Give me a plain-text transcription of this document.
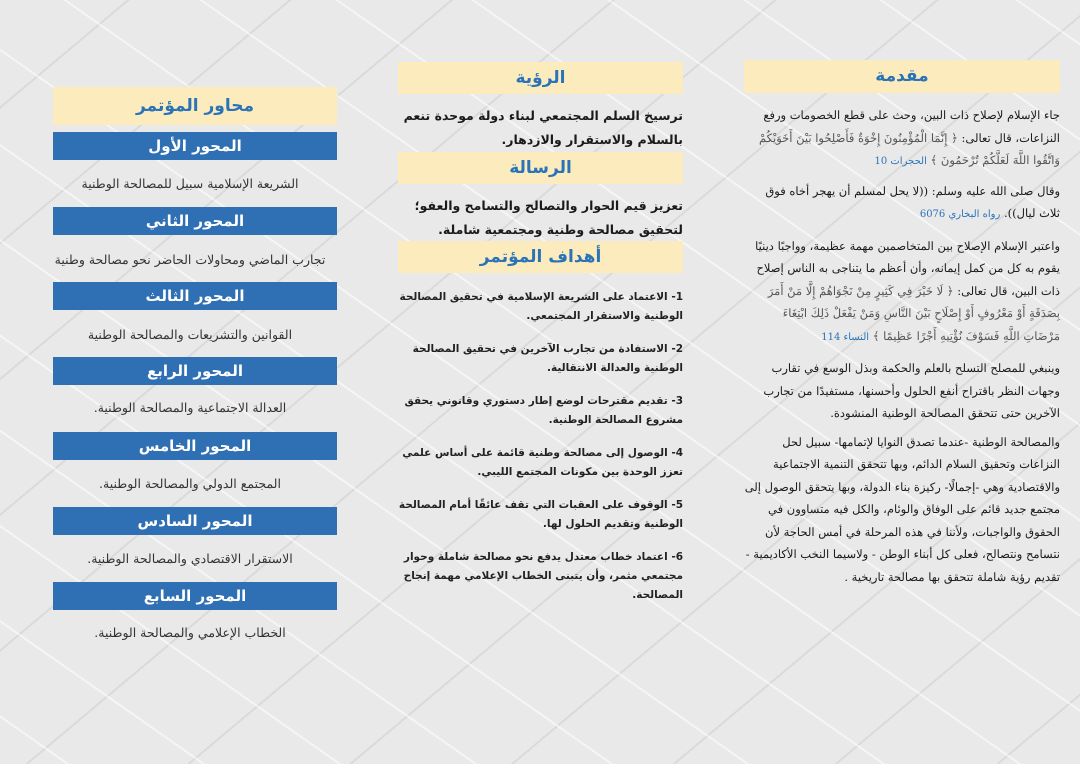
مقدمة

جاء الإسلام لإصلاح ذات البين، وحث على قطع الخصومات ورفع النزاعات، قال تعالى: ﴿ إِنَّمَا الْمُؤْمِنُونَ إِخْوَةٌ فَأَصْلِحُوا بَيْنَ أَخَوَيْكُمْ وَاتَّقُوا اللَّهَ لَعَلَّكُمْ تُرْحَمُونَ ﴾ الحجرات 10

وقال صلى الله عليه وسلم: ((لا يحل لمسلم أن يهجر أخاه فوق ثلاث ليال)). رواه البخاري 6076

واعتبر الإسلام الإصلاح بين المتخاصمين مهمة عظيمة، وواجبًا دينيًا يقوم به كل من كمل إيمانه، وأن أعظم ما يتناجى به الناس إصلاح ذات البين، قال تعالى: ﴿ لَا خَيْرَ فِي كَثِيرٍ مِنْ نَجْوَاهُمْ إِلَّا مَنْ أَمَرَ بِصَدَقَةٍ أَوْ مَعْرُوفٍ أَوْ إِصْلَاحٍ بَيْنَ النَّاسِ وَمَنْ يَفْعَلْ ذَلِكَ ابْتِغَاءَ مَرْضَاتِ اللَّهِ فَسَوْفَ نُؤْتِيهِ أَجْرًا عَظِيمًا ﴾ النساء 114

وينبغي للمصلح التسلح بالعلم والحكمة وبذل الوسع في تقارب وجهات النظر باقتراح أنفع الحلول وأحسنها، مستفيدًا من تجارب الآخرين حتى تتحقق المصالحة الوطنية المنشودة.

والمصالحة الوطنية -عندما تصدق النوايا لإتمامها- سبيل لحل النزاعات وتحقيق السلام الدائم، وبها تتحقق التنمية الاجتماعية والاقتصادية وهي -إجمالًا- ركيزة بناء الدولة، وبها يتحقق الوصول إلى مجتمع جديد قائم على الوفاق والوئام، والكل فيه متساوون في الحقوق والواجبات، ولأننا في هذه المرحلة في أمس الحاجة لأن نتسامح ونتصالح، فعلى كل أبناء الوطن - ولاسيما النخب الأكاديمية - تقديم رؤية شاملة تتحقق بها مصالحة تاريخية .

الرؤية

ترسيخ السلم المجتمعي لبناء دولة موحدة تنعم بالسلام والاستقرار والازدهار.

الرسالة

تعزيز قيم الحوار والتصالح والتسامح والعفو؛ لتحقيق مصالحة وطنية ومجتمعية شاملة.

أهداف المؤتمر

1- الاعتماد على الشريعة الإسلامية في تحقيق المصالحة الوطنية والاستقرار المجتمعي.

2- الاستفادة من تجارب الآخرين في تحقيق المصالحة الوطنية والعدالة الانتقالية.

3- تقديم مقترحات لوضع إطار دستوري وقانوني يحقق مشروع المصالحة الوطنية.

4- الوصول إلى مصالحة وطنية قائمة على أساس علمي تعزز الوحدة بين مكونات المجتمع الليبي.

5- الوقوف على العقبات التي تقف عائقًا أمام المصالحة الوطنية وتقديم الحلول لها.

6- اعتماد خطاب معتدل يدفع نحو مصالحة شاملة وحوار مجتمعي مثمر، وأن يتبنى الخطاب الإعلامي مهمة إنجاح المصالحة.

محاور المؤتمر
المحور الأول
الشريعة الإسلامية سبيل للمصالحة الوطنية
المحور الثاني
تجارب الماضي ومحاولات الحاضر نحو مصالحة وطنية
المحور الثالث
القوانين والتشريعات والمصالحة الوطنية
المحور الرابع
العدالة الاجتماعية والمصالحة الوطنية.
المحور الخامس
المجتمع الدولي والمصالحة الوطنية.
المحور السادس
الاستقرار الاقتصادي والمصالحة الوطنية.
المحور السابع
الخطاب الإعلامي والمصالحة الوطنية.
